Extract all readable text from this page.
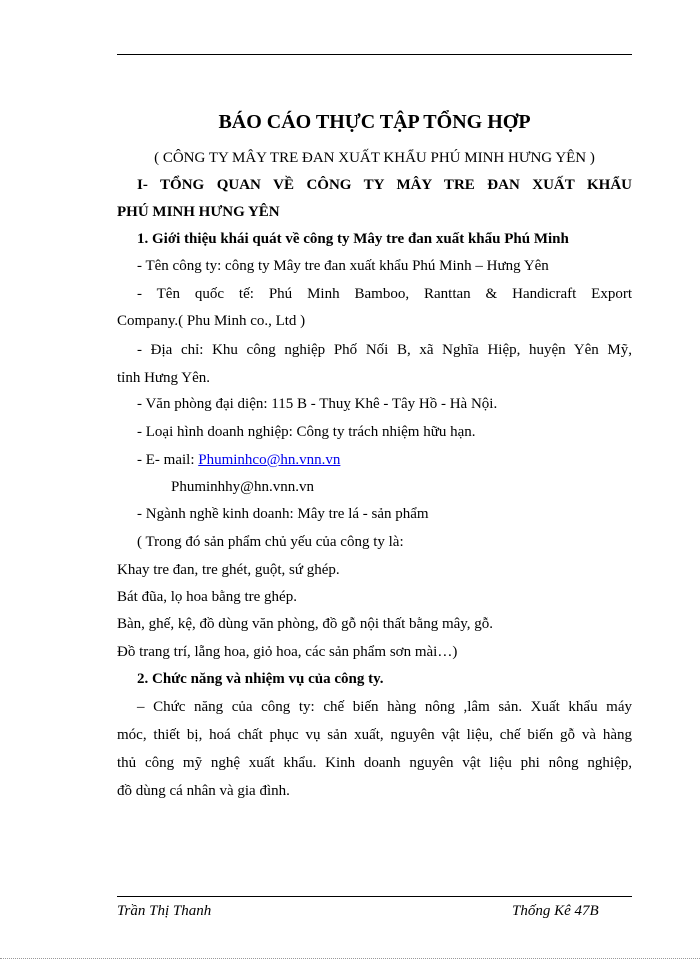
BÁO CÁO THỰC TẬP TỔNG HỢP
( CÔNG TY MÂY TRE ĐAN XUẤT KHẨU PHÚ MINH HƯNG YÊN )
I- TỔNG QUAN VỀ CÔNG TY MÂY TRE ĐAN XUẤT KHẨU
PHÚ MINH HƯNG YÊN
1. Giới thiệu khái quát về công ty Mây tre đan xuất khẩu Phú Minh
- Tên công ty: công ty Mây tre đan xuất khẩu Phú Minh – Hưng Yên
- Tên quốc tế: Phú Minh Bamboo, Ranttan & Handicraft Export
Company.( Phu Minh co., Ltd )
- Địa chỉ: Khu công nghiệp Phố Nối B, xã Nghĩa Hiệp, huyện Yên Mỹ,
tỉnh Hưng Yên.
- Văn phòng đại diện: 115 B - Thuỵ Khê - Tây Hồ - Hà Nội.
- Loại hình doanh nghiệp: Công ty trách nhiệm hữu hạn.
- E- mail: Phuminhco@hn.vnn.vn
Phuminhhy@hn.vnn.vn
- Ngành nghề kinh doanh: Mây tre lá - sản phẩm
( Trong đó sản phẩm chủ yếu của công ty là:
Khay tre đan, tre ghét, guột, sứ ghép.
Bát đũa, lọ hoa bằng tre ghép.
Bàn, ghế, kệ, đồ dùng văn phòng, đồ gỗ nội thất bằng mây, gỗ.
Đồ trang trí, lẵng hoa, giỏ hoa, các sản phẩm sơn mài…)
2. Chức năng và nhiệm vụ của công ty.
– Chức năng của công ty: chế biến hàng nông ,lâm sản. Xuất khẩu máy
móc, thiết bị, hoá chất phục vụ sản xuất, nguyên vật liệu, chế biến gỗ và hàng
thủ công mỹ nghệ xuất khẩu. Kinh doanh nguyên vật liệu phi nông nghiệp,
đồ dùng cá nhân và gia đình.
Trần Thị Thanh	Thống Kê 47B
